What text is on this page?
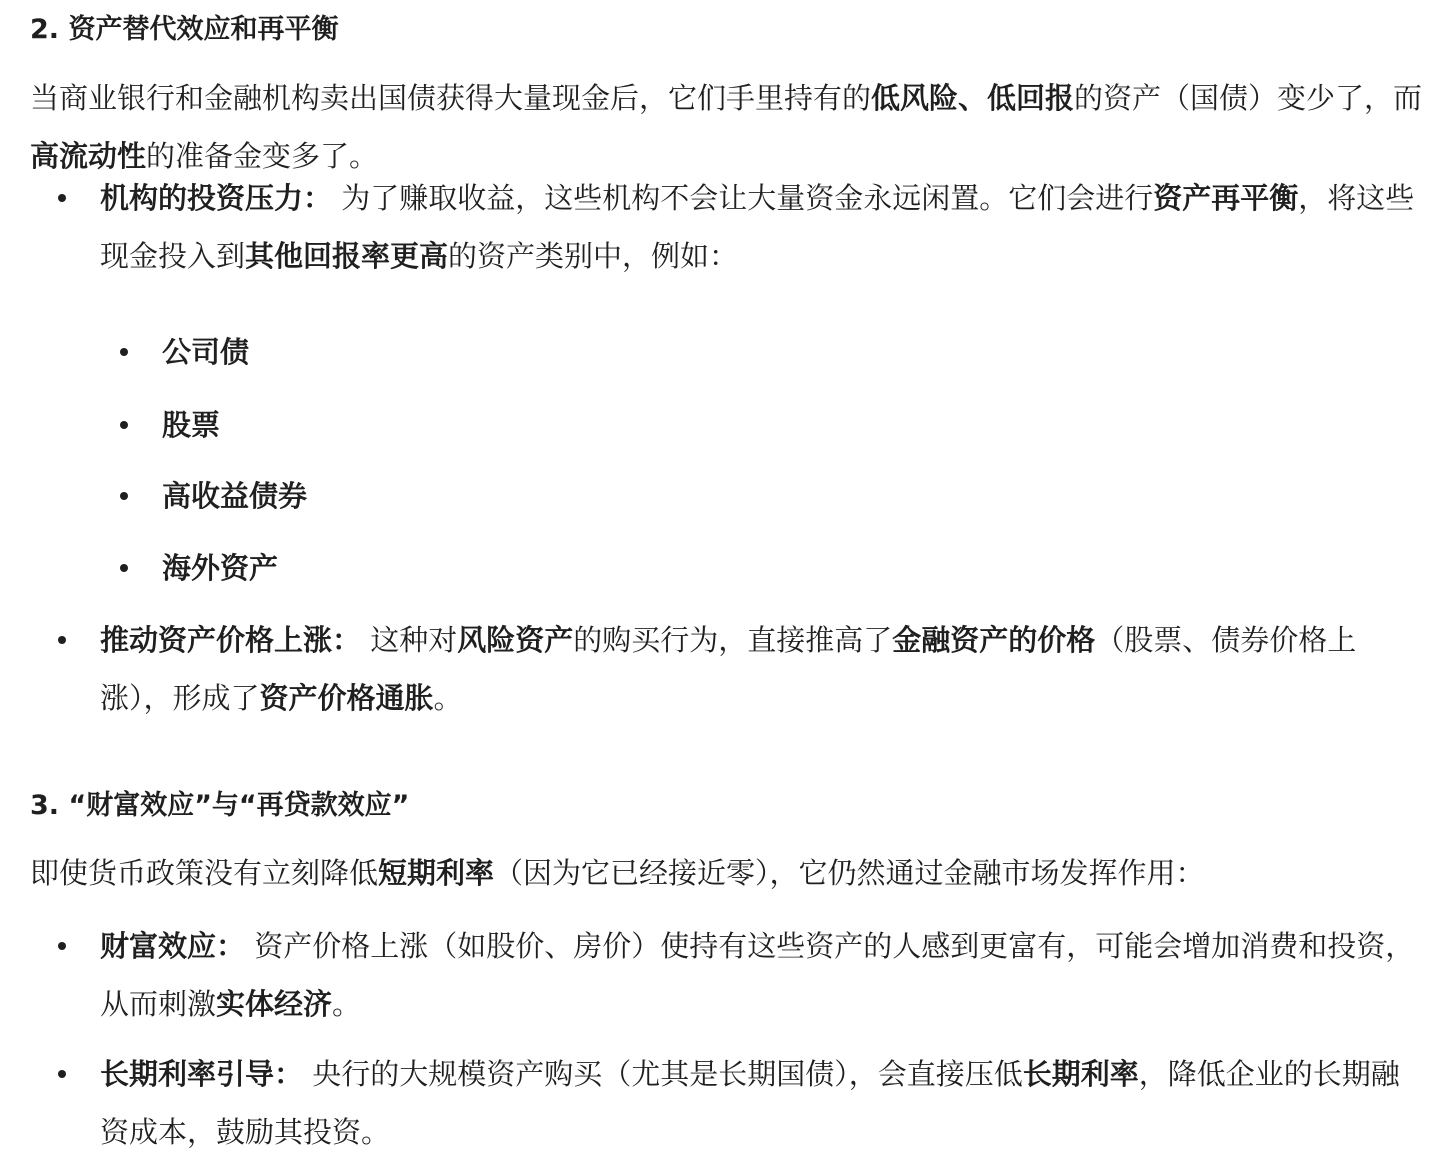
2. 资产替代效应和再平衡

当商业银行和金融机构卖出国债获得大量现金后，它们手里持有的低风险、低回报的资产（国债）变少了，而高流动性的准备金变多了。

机构的投资压力： 为了赚取收益，这些机构不会让大量资金永远闲置。它们会进行资产再平衡，将这些现金投入到其他回报率更高的资产类别中，例如：
公司债
股票
高收益债券
海外资产
推动资产价格上涨： 这种对风险资产的购买行为，直接推高了金融资产的价格（股票、债券价格上涨），形成了资产价格通胀。
3. “财富效应”与“再贷款效应”

即使货币政策没有立刻降低短期利率（因为它已经接近零），它仍然通过金融市场发挥作用：

财富效应： 资产价格上涨（如股价、房价）使持有这些资产的人感到更富有，可能会增加消费和投资，从而刺激实体经济。
长期利率引导： 央行的大规模资产购买（尤其是长期国债），会直接压低长期利率，降低企业的长期融资成本，鼓励其投资。
